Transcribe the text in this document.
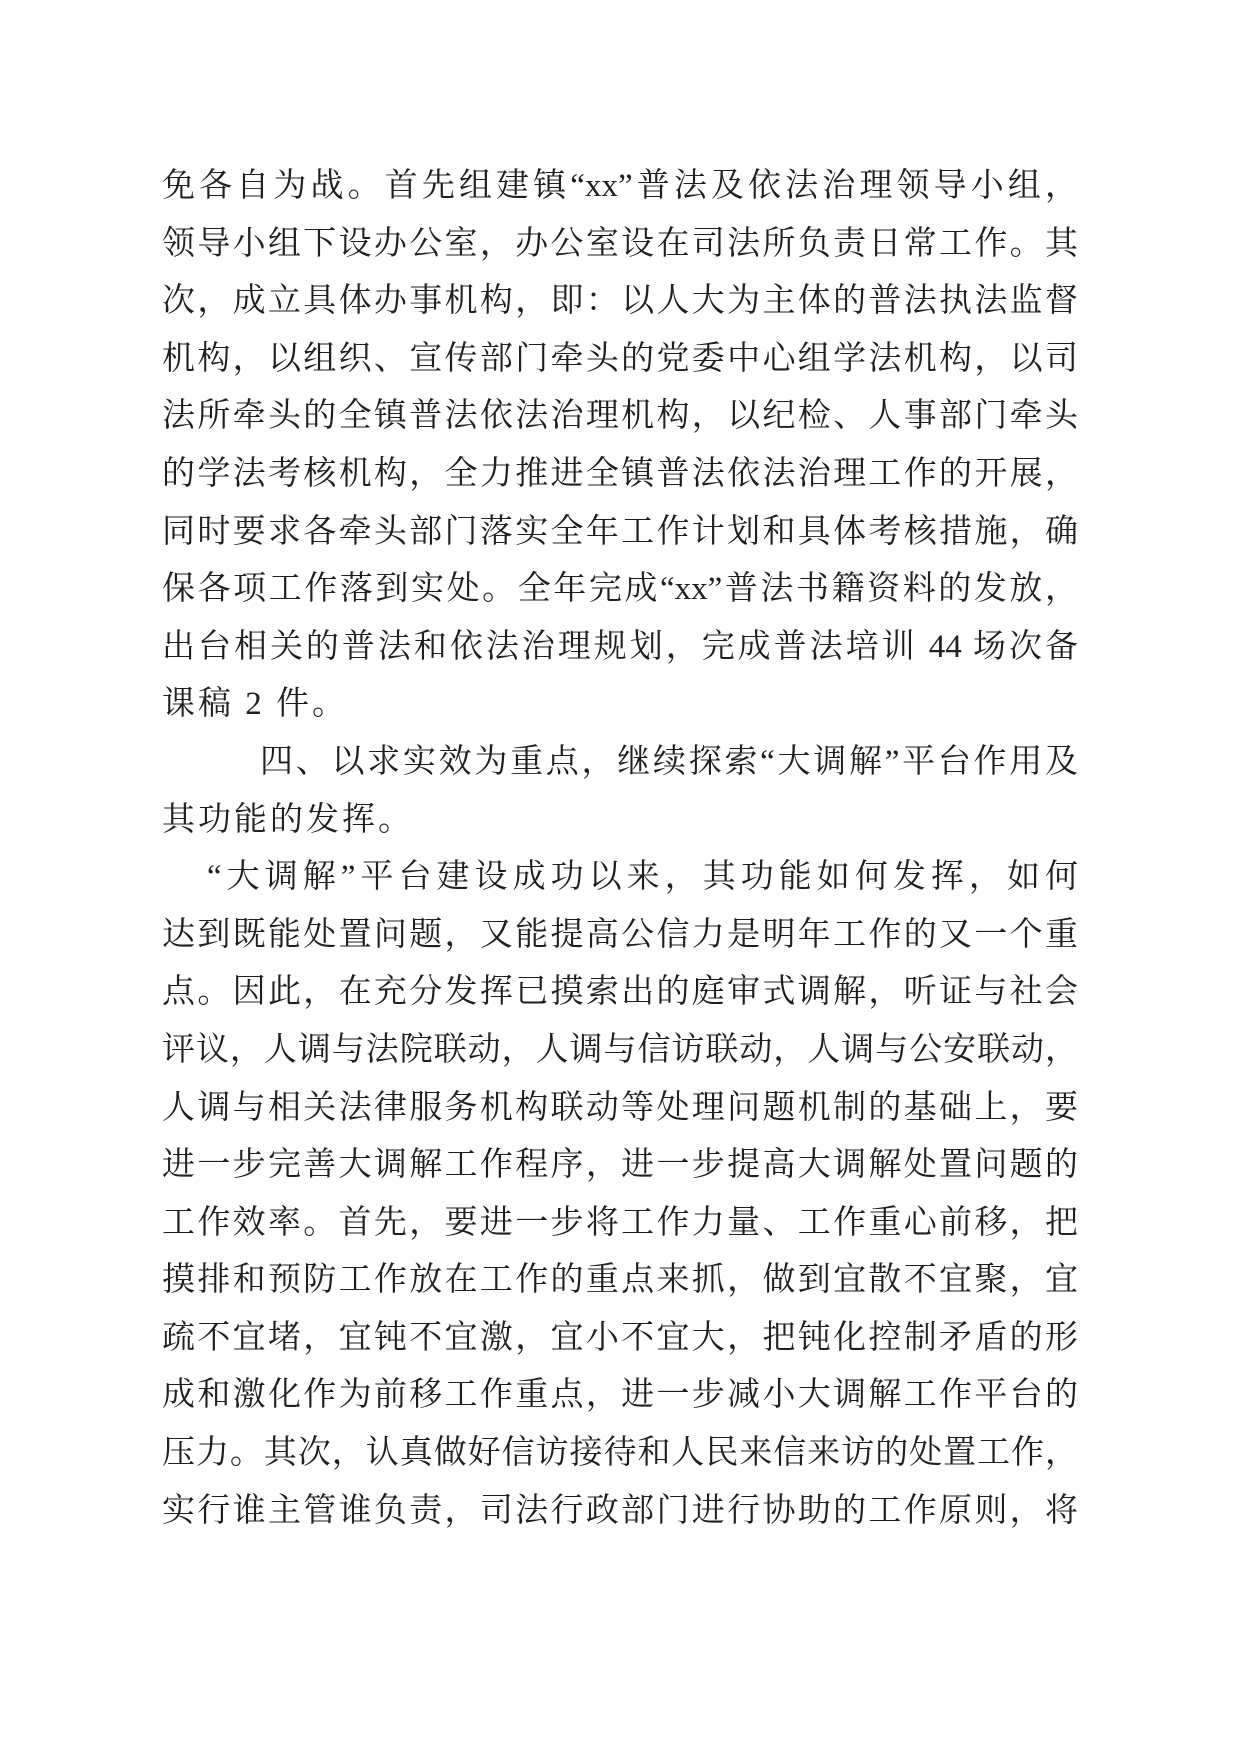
免各自为战。首先组建镇“xx”普法及依法治理领导小组，
领导小组下设办公室，办公室设在司法所负责日常工作。其
次，成立具体办事机构，即：以人大为主体的普法执法监督
机构，以组织、宣传部门牵头的党委中心组学法机构，以司
法所牵头的全镇普法依法治理机构，以纪检、人事部门牵头
的学法考核机构，全力推进全镇普法依法治理工作的开展，
同时要求各牵头部门落实全年工作计划和具体考核措施，确
保各项工作落到实处。全年完成“xx”普法书籍资料的发放，
出台相关的普法和依法治理规划，完成普法培训 44 场次备
课稿 2 件。
四、以求实效为重点，继续探索“大调解”平台作用及
其功能的发挥。
“大调解”平台建设成功以来，其功能如何发挥，如何
达到既能处置问题，又能提高公信力是明年工作的又一个重
点。因此，在充分发挥已摸索出的庭审式调解，听证与社会
评议，人调与法院联动，人调与信访联动，人调与公安联动，
人调与相关法律服务机构联动等处理问题机制的基础上，要
进一步完善大调解工作程序，进一步提高大调解处置问题的
工作效率。首先，要进一步将工作力量、工作重心前移，把
摸排和预防工作放在工作的重点来抓，做到宜散不宜聚，宜
疏不宜堵，宜钝不宜激，宜小不宜大，把钝化控制矛盾的形
成和激化作为前移工作重点，进一步减小大调解工作平台的
压力。其次，认真做好信访接待和人民来信来访的处置工作，
实行谁主管谁负责，司法行政部门进行协助的工作原则，将
